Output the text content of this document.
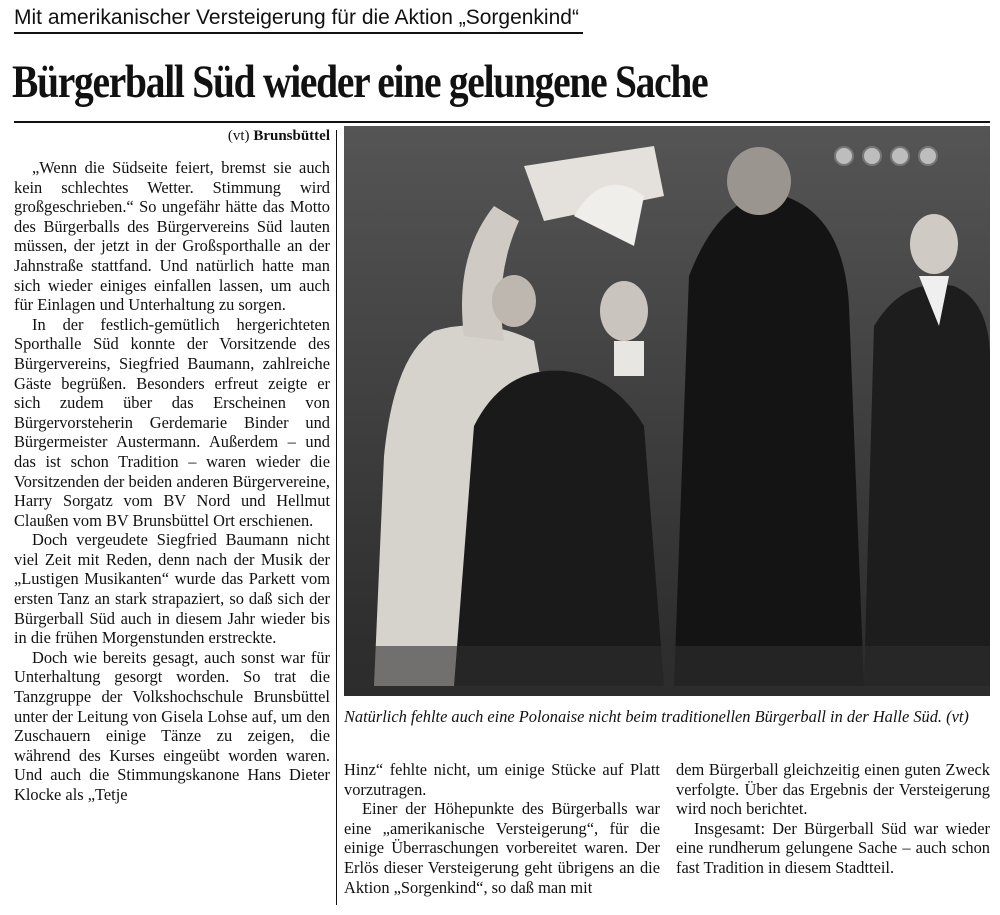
Mit amerikanischer Versteigerung für die Aktion „Sorgenkind“
Bürgerball Süd wieder eine gelungene Sache
(vt) Brunsbüttel

„Wenn die Südseite feiert, bremst sie auch kein schlechtes Wetter. Stimmung wird großgeschrieben.“ So ungefähr hätte das Motto des Bürgerballs des Bürgervereins Süd lauten müssen, der jetzt in der Großsporthalle an der Jahnstraße stattfand. Und natürlich hatte man sich wieder einiges einfallen lassen, um auch für Einlagen und Unterhaltung zu sorgen.

In der festlich-gemütlich hergerichteten Sporthalle Süd konnte der Vorsitzende des Bürgervereins, Siegfried Baumann, zahlreiche Gäste begrüßen. Besonders erfreut zeigte er sich zudem über das Erscheinen von Bürgervorsteherin Gerdemarie Binder und Bürgermeister Austermann. Außerdem – und das ist schon Tradition – waren wieder die Vorsitzenden der beiden anderen Bürgervereine, Harry Sorgatz vom BV Nord und Hellmut Claußen vom BV Brunsbüttel Ort erschienen.

Doch vergeudete Siegfried Baumann nicht viel Zeit mit Reden, denn nach der Musik der „Lustigen Musikanten“ wurde das Parkett vom ersten Tanz an stark strapaziert, so daß sich der Bürgerball Süd auch in diesem Jahr wieder bis in die frühen Morgenstunden erstreckte.

Doch wie bereits gesagt, auch sonst war für Unterhaltung gesorgt worden. So trat die Tanzgruppe der Volkshochschule Brunsbüttel unter der Leitung von Gisela Lohse auf, um den Zuschauern einige Tänze zu zeigen, die während des Kurses eingeübt worden waren. Und auch die Stimmungskanone Hans Dieter Klocke als „Tetje

Natürlich fehlte auch eine Polonaise nicht beim traditionellen Bürgerball in der Halle Süd. (vt)

Hinz“ fehlte nicht, um einige Stücke auf Platt vorzutragen.

Einer der Höhepunkte des Bürgerballs war eine „amerikanische Versteigerung“, für die einige Überraschungen vorbereitet waren. Der Erlös dieser Versteigerung geht übrigens an die Aktion „Sorgenkind“, so daß man mit

dem Bürgerball gleichzeitig einen guten Zweck verfolgte. Über das Ergebnis der Versteigerung wird noch berichtet.

Insgesamt: Der Bürgerball Süd war wieder eine rundherum gelungene Sache – auch schon fast Tradition in diesem Stadtteil.
